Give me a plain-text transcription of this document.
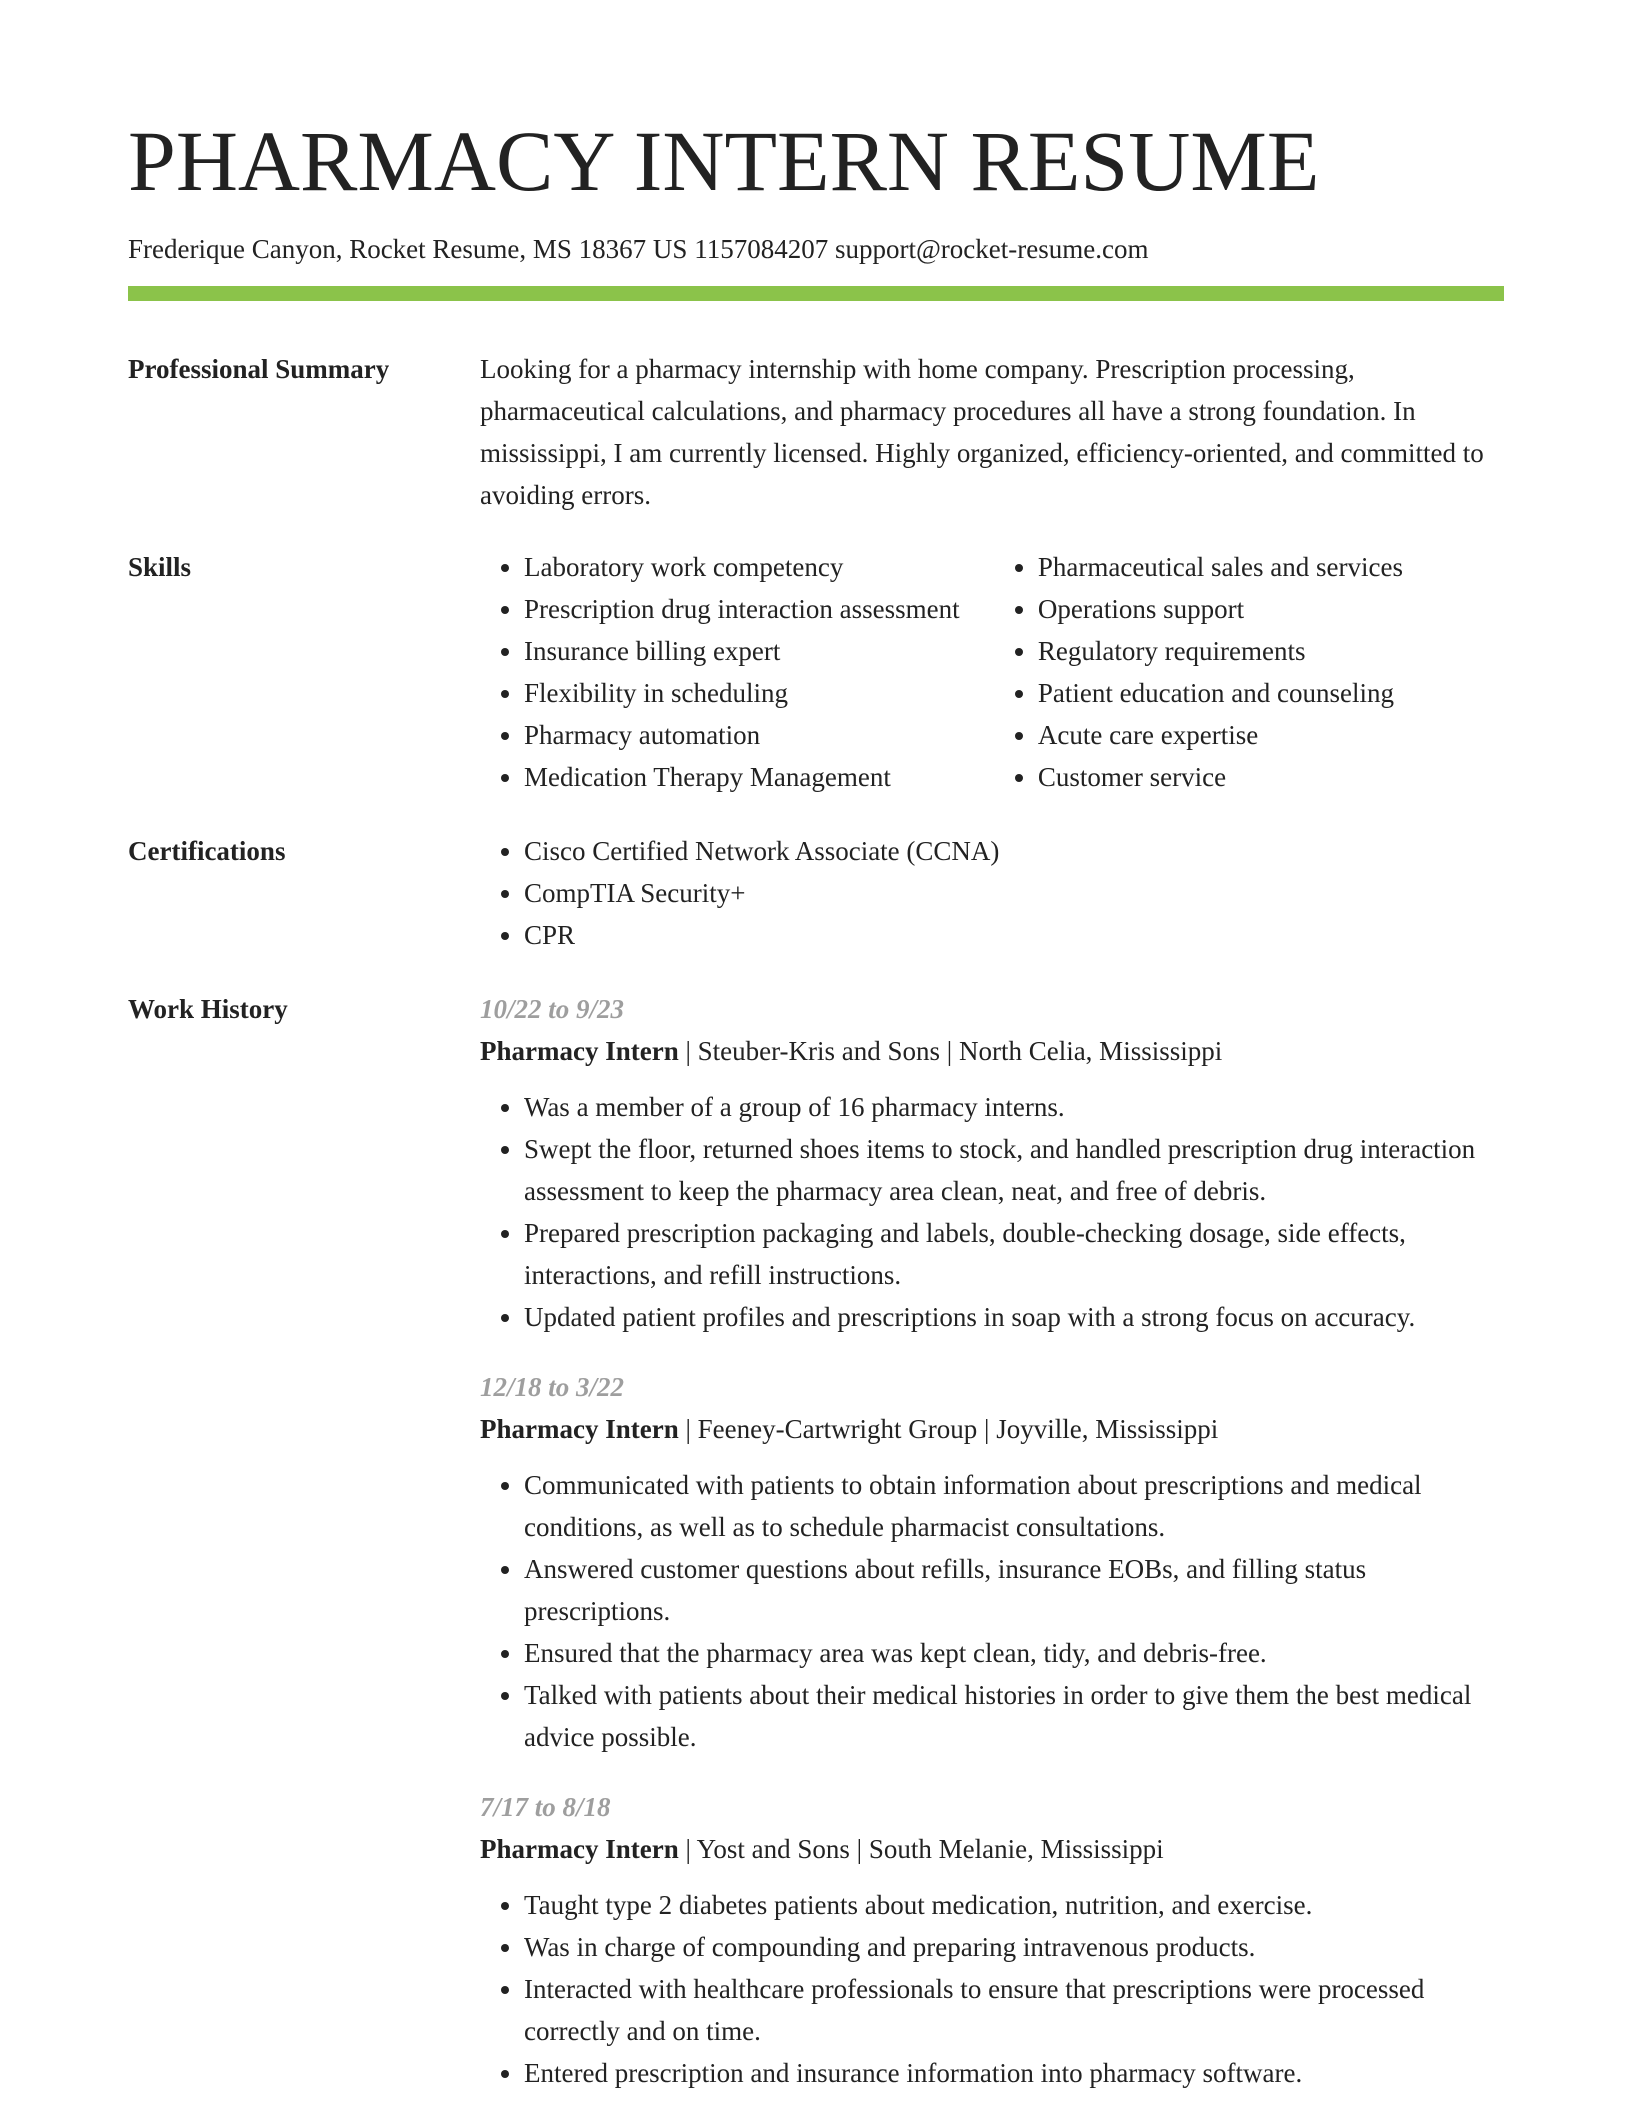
PHARMACY INTERN RESUME
Frederique Canyon, Rocket Resume, MS 18367 US 1157084207 support@rocket-resume.com
Professional Summary	Looking for a pharmacy internship with home company. Prescription processing, pharmaceutical calculations, and pharmacy procedures all have a strong foundation. In mississippi, I am currently licensed. Highly organized, efficiency-oriented, and committed to avoiding errors.

Skills	• Laboratory work competency
• Prescription drug interaction assessment
• Insurance billing expert
• Flexibility in scheduling
• Pharmacy automation
• Medication Therapy Management
• Pharmaceutical sales and services
• Operations support
• Regulatory requirements
• Patient education and counseling
• Acute care expertise
• Customer service
Certifications	• Cisco Certified Network Associate (CCNA)
• CompTIA Security+
• CPR
Work History	10/22 to 9/23
Pharmacy Intern | Steuber-Kris and Sons | North Celia, Mississippi
• Was a member of a group of 16 pharmacy interns.
• Swept the floor, returned shoes items to stock, and handled prescription drug interaction assessment to keep the pharmacy area clean, neat, and free of debris.
• Prepared prescription packaging and labels, double-checking dosage, side effects, interactions, and refill instructions.
• Updated patient profiles and prescriptions in soap with a strong focus on accuracy.
12/18 to 3/22
Pharmacy Intern | Feeney-Cartwright Group | Joyville, Mississippi
• Communicated with patients to obtain information about prescriptions and medical conditions, as well as to schedule pharmacist consultations.
• Answered customer questions about refills, insurance EOBs, and filling status prescriptions.
• Ensured that the pharmacy area was kept clean, tidy, and debris-free.
• Talked with patients about their medical histories in order to give them the best medical advice possible.
7/17 to 8/18
Pharmacy Intern | Yost and Sons | South Melanie, Mississippi
• Taught type 2 diabetes patients about medication, nutrition, and exercise.
• Was in charge of compounding and preparing intravenous products.
• Interacted with healthcare professionals to ensure that prescriptions were processed correctly and on time.
• Entered prescription and insurance information into pharmacy software.
